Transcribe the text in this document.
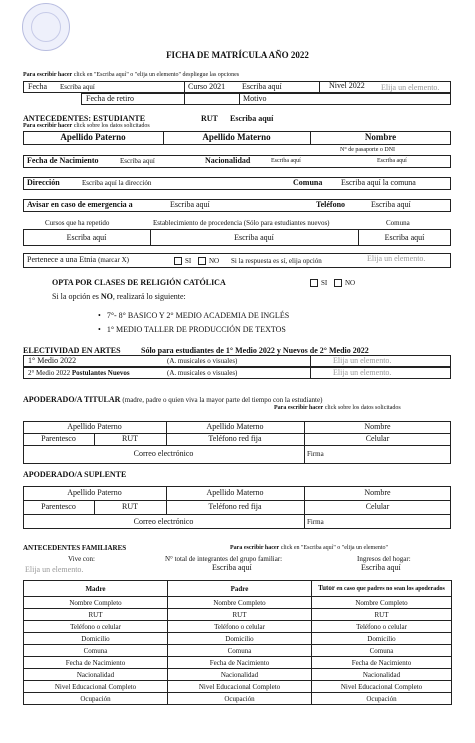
FICHA DE MATRÍCULA AÑO 2022
Para escribir hacer click en "Escriba aquí" o "elija un elemento" despliegue las opciones
Fecha Escriba aquí	Curso 2021 Escriba aquí	Nivel 2022 Elija un elemento.
Fecha de retiro	Motivo
ANTECEDENTES: ESTUDIANTE	RUT Escriba aquí
Para escribir hacer click sobre los datos solicitados
Apellido Paterno	Apellido Materno	Nombre
N° de pasaporte o DNI
Fecha de Nacimiento	Escriba aquí	Nacionalidad	Escriba aquí	Escriba aquí
Dirección	Escriba aquí la dirección	Comuna Escriba aquí la comuna
Avisar en caso de emergencia a	Escriba aquí	Teléfono	Escriba aquí
Cursos que ha repetido	Establecimiento de procedencia (Sólo para estudiantes nuevos)	Comuna
Escriba aquí	Escriba aquí	Escriba aquí
Pertenece a una Etnia (marcar X)	SI	NO Si la respuesta es sí, elija opción	Elija un elemento.
OPTA POR CLASES DE RELIGIÓN CATÓLICA	SI	NO
Si la opción es NO, realizará lo siguiente:
•   7°- 8° BASICO Y 2° MEDIO ACADEMIA DE INGLÉS
•   1° MEDIO TALLER DE PRODUCCIÓN DE TEXTOS
ELECTIVIDAD EN ARTES	Sólo para estudiantes de 1° Medio 2022 y Nuevos de 2° Medio 2022
1° Medio 2022	(A. musicales o visuales)	Elija un elemento.
2° Medio 2022 Postulantes Nuevos	(A. musicales o visuales)	Elija un elemento.
APODERADO/A TITULAR (madre, padre o quien viva la mayor parte del tiempo con la estudiante)
Para escribir hacer click sobre los datos solicitados
Apellido Paterno	Apellido Materno	Nombre
Parentesco	RUT	Teléfono red fija	Celular
Correo electrónico	Firma
APODERADO/A SUPLENTE
Apellido Paterno	Apellido Materno	Nombre
Parentesco	RUT	Teléfono red fija	Celular
Correo electrónico	Firma
ANTECEDENTES FAMILIARES	Para escribir hacer click en "Escriba aquí" o "elija un elemento"
Vive con:
Elija un elemento.
N° total de integrantes del grupo familiar:
Escriba aquí
Ingresos del hogar:
Escriba aquí
Madre	Padre	Tutor en caso que padres no sean los apoderados
Nombre Completo	Nombre Completo	Nombre Completo
RUT	RUT	RUT
Teléfono o celular	Teléfono o celular	Teléfono o celular
Domicilio	Domicilio	Domicilio
Comuna	Comuna	Comuna
Fecha de Nacimiento	Fecha de Nacimiento	Fecha de Nacimiento
Nacionalidad	Nacionalidad	Nacionalidad
Nivel Educacional Completo	Nivel Educacional Completo	Nivel Educacional Completo
Ocupación	Ocupación	Ocupación
